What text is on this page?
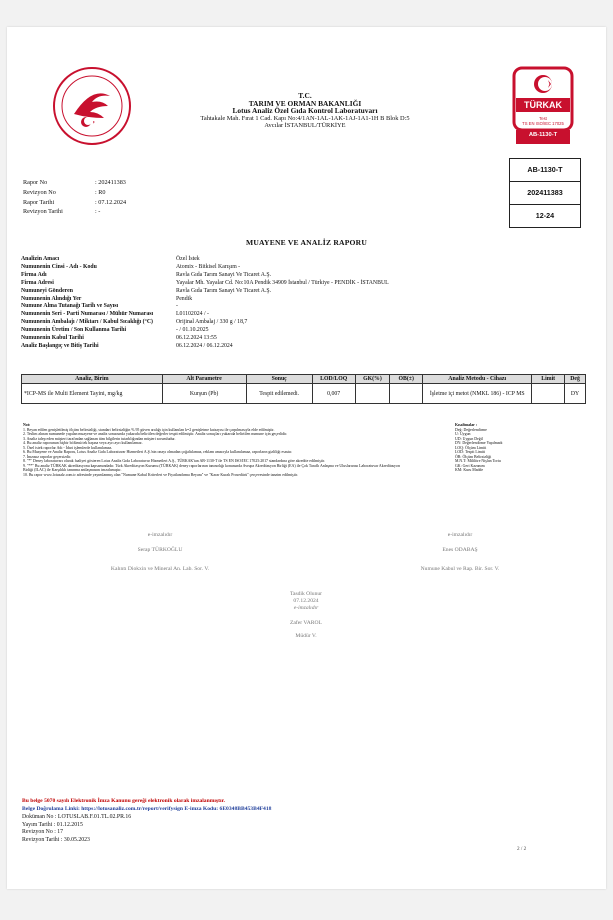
T.C.
TARIM VE ORMAN BAKANLIĞI
Lotus Analiz Özel Gıda Kontrol Laboratuvarı
Tahtakale Mah. Fırat 1 Cad. Kapı No:4/1AN-1AL-1AK-1AJ-1A1-1H B Blok D:5
Avcılar İSTANBUL/TÜRKİYE
TÜRKAK
Test
TS EN ISO/IEC 17025
AB-1130-T
AB-1130-T
202411383
12-24
Rapor No	: 202411383
Revizyon No	: R0
Rapor Tarihi	: 07.12.2024
Revizyon Tarihi	: -
MUAYENE VE ANALİZ RAPORU
Analizin Amacı	Özel İstek
Numunenin Cinsi - Adı - Kodu	Atomix - Bitkisel Karışım -
Firma Adı	Ravla Gıda Tarım Sanayi Ve Ticaret A.Ş.
Firma Adresi	Yayalar Mh. Yayalar Cd. No:10A Pendik 34909 İstanbul / Türkiye - PENDİK - İSTANBUL
Numuneyi Gönderen	Ravla Gıda Tarım Sanayi Ve Ticaret A.Ş.
Numunenin Alındığı Yer	Pendik
Numune Alma Tutanağı Tarih ve Sayısı	-
Numunenin Seri - Parti Numarası / Mühür Numarası	L01102024 / -
Numunenin Ambalajı / Miktarı / Kabul Sıcaklığı (°C)	Orijinal Ambalaj / 330 g / 18,7
Numunenin Üretim / Son Kullanma Tarihi	- / 01.10.2025
Numunenin Kabul Tarihi	06.12.2024 13:55
Analiz Başlangıç ve Bitiş Tarihi	06.12.2024 / 06.12.2024
Analiz, Birim	Alt Parametre	Sonuç	LOD/LOQ	GK(%)	ÖB(±)	Analiz Metodu - Cihazı	Limit	Değ
*ICP-MS ile Multi Element Tayini, mg/kg	Kurşun (Pb)	Tespit edilemedi.	0,007			İşletme içi metot (NMKL 186) - ICP MS		DY
Not:
1. Beyan edilen genişletilmiş ölçüm belirsizliği, standart belirsizliğin % 95 güven aralığı için kullanılan k=2 genişletme katsayısı ile çarpılmasıyla elde edilmiştir.
2. Teslim alınan numunede yapılan muayene ve analiz sonucunda yukarıda belirtilen değerler tespit edilmiştir. Analiz sonuçları yukarıda belirtilen numune için geçerlidir.
3. Analiz talep eden müşteri tarafından sağlanan tüm bilgilerin tutarlılığından müşteri sorumludur.
4. Bu analiz raporunun hiçbir bölümü tek başına veya ayrı ayrı kullanılamaz.
5. Özel istek raporlar Adı - İdari işlemlerde kullanılamaz.
6. Bu Muayene ve Analiz Raporu, Lotus Analiz Gıda Laboratuvar Hizmetleri A.Ş.'nin onayı olmadan çoğaltılamaz, reklam amacıyla kullanılamaz, raporların gizliliği esastır.
7. İmzasız raporlar geçersizdir.
8. "*" Deney laboratuvarı olarak faaliyet gösteren Lotus Analiz Gıda Laboratuvar Hizmetleri A.Ş., TÜRKAK'tan AB-1130-T ile TS EN ISO/IEC 17025:2017 standardına göre akredite edilmiştir.
9. "**" Bu analiz TÜRKAK akreditasyonu kapsamındadır. Türk Akreditasyon Kurumu (TÜRKAK) deney raporlarının tanınırlığı konusunda Avrupa Akreditasyon Birliği (EA) ile Çok Taraflı Anlaşma ve Uluslararası Laboratuvar Akreditasyon Birliği (ILAC) ile Karşılıklı tanınma antlaşmasını imzalamıştır.
10. Bu rapor www.lotusalz.com.tr adresinde yayımlanmış olan "Numune Kabul Kriterleri ve Fiyatlandırma Beyanı" ve "Karar Kuralı Prosedürü" çerçevesinde tanzim edilmiştir.
Kısaltmalar :
Değ: Değerlendirme
U: Uygun
UD: Uygun Değil
DY: Değerlendirme Yapılmadı
LOQ: Ölçüm Limiti
LOD: Tespit Limiti
ÖB: Ölçüm Belirsizliği
M.N.T: Mililitre Nişlan Tortu
GK: Geri Kazanım
KM: Kuru Madde
e-imzalıdır
Serap TÜRKOĞLU
Kalıntı Diokxin ve Mineral An. Lab. Sor. V.
e-imzalıdır
Enes ODABAŞ
Numune Kabul ve Rap. Bir. Sor. V.
Tasdik Olunur
07.12.2024
e-imzalıdır
Zafer VAROL
Müdür V.
Bu belge 5070 sayılı Elektronik İmza Kanunu gereği elektronik olarak imzalanmıştır.
Belge Doğrulama Linki: https://lotusanaliz.com.tr/report/verifysign E-imza Kodu: 6E0348BB453B4F418
Doküman No : LOTUSLAB.F.01.TL.02.PR.16
Yayım Tarihi : 01.12.2015
Revizyon No : 17
Revizyon Tarihi : 30.05.2023
2 / 2
